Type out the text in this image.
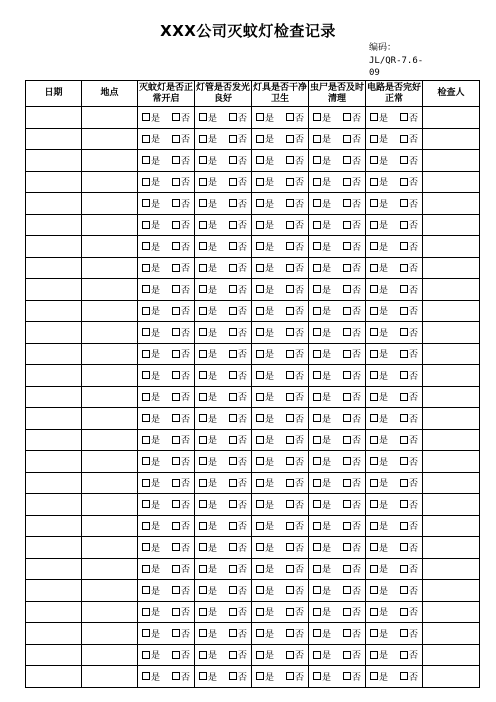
XXX公司灭蚊灯检查记录
编码：
JL/QR-7.6-09
日期	地点	灭蚊灯是否正常开启	灯管是否发光良好	灯具是否干净卫生	虫尸是否及时清理	电路是否完好正常	检查人
		是 否	是 否	是 否	是 否	是 否	
		是 否	是 否	是 否	是 否	是 否	
		是 否	是 否	是 否	是 否	是 否	
		是 否	是 否	是 否	是 否	是 否	
		是 否	是 否	是 否	是 否	是 否	
		是 否	是 否	是 否	是 否	是 否	
		是 否	是 否	是 否	是 否	是 否	
		是 否	是 否	是 否	是 否	是 否	
		是 否	是 否	是 否	是 否	是 否	
		是 否	是 否	是 否	是 否	是 否	
		是 否	是 否	是 否	是 否	是 否	
		是 否	是 否	是 否	是 否	是 否	
		是 否	是 否	是 否	是 否	是 否	
		是 否	是 否	是 否	是 否	是 否	
		是 否	是 否	是 否	是 否	是 否	
		是 否	是 否	是 否	是 否	是 否	
		是 否	是 否	是 否	是 否	是 否	
		是 否	是 否	是 否	是 否	是 否	
		是 否	是 否	是 否	是 否	是 否	
		是 否	是 否	是 否	是 否	是 否	
		是 否	是 否	是 否	是 否	是 否	
		是 否	是 否	是 否	是 否	是 否	
		是 否	是 否	是 否	是 否	是 否	
		是 否	是 否	是 否	是 否	是 否	
		是 否	是 否	是 否	是 否	是 否	
		是 否	是 否	是 否	是 否	是 否	
		是 否	是 否	是 否	是 否	是 否	
